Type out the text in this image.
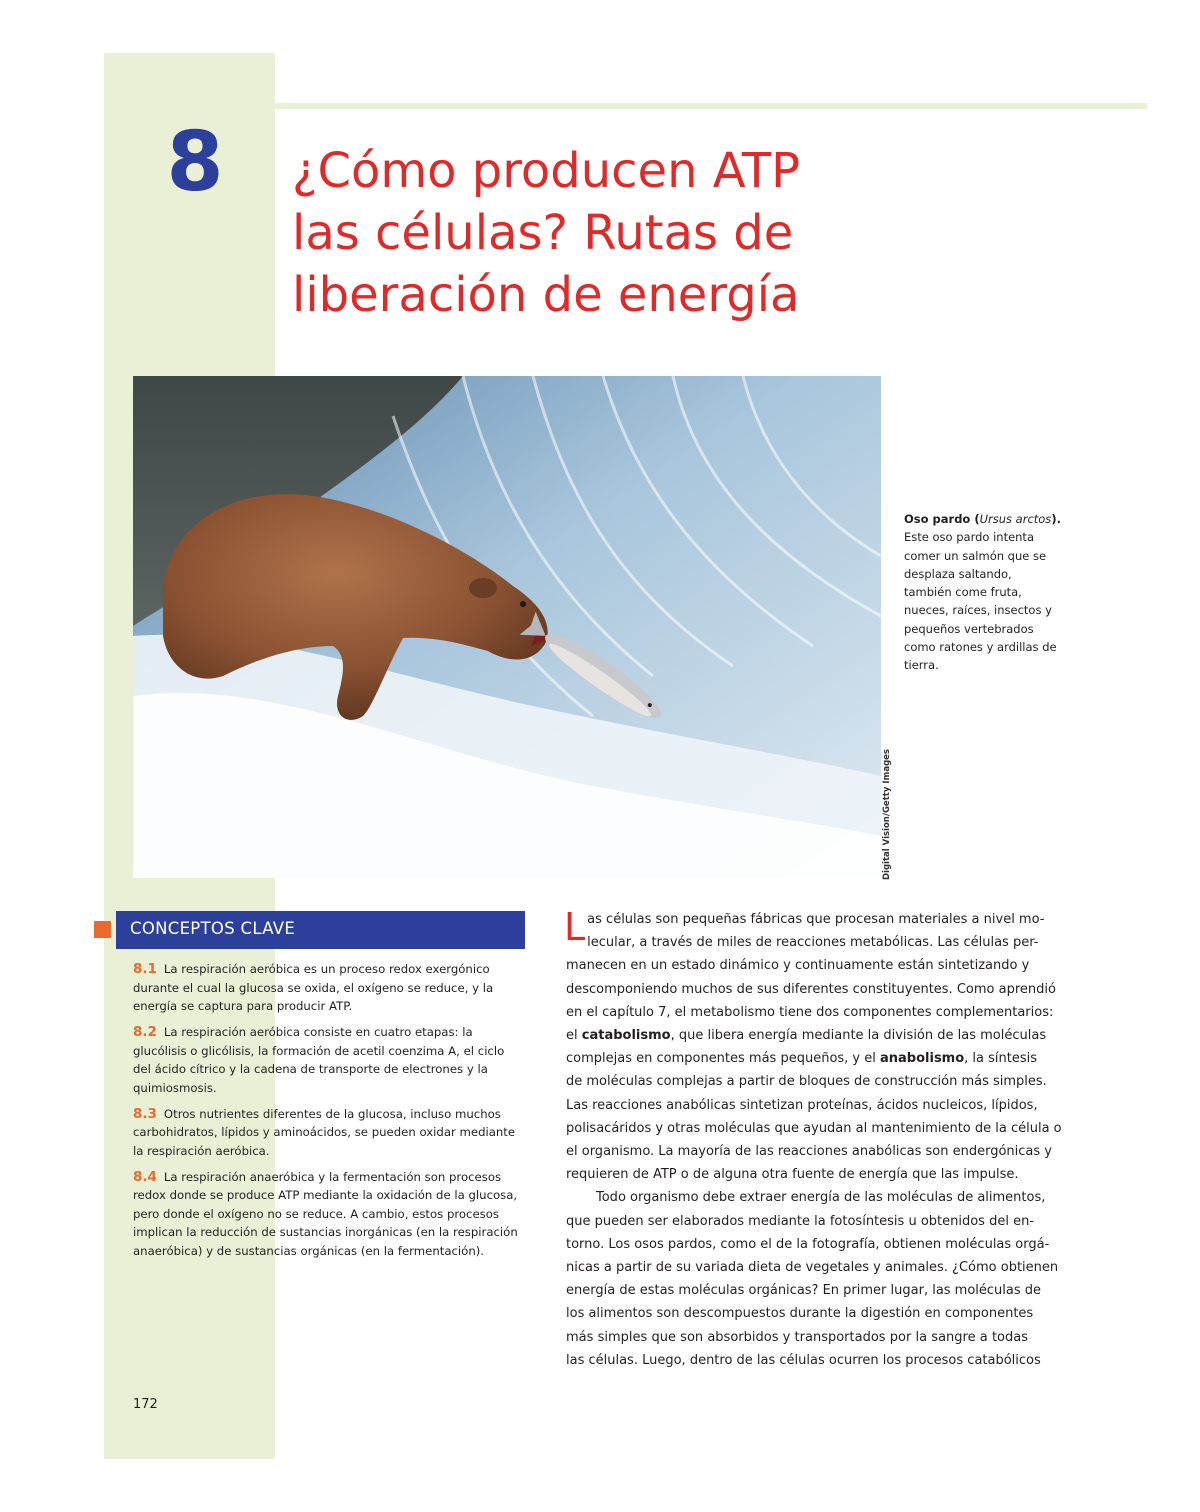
8 ¿Cómo producen ATP
las células? Rutas de
liberación de energía
Digital Vision/Getty Images
Oso pardo (Ursus arctos). Este oso pardo intenta comer un salmón que se desplaza saltando, también come fruta, nueces, raíces, insectos y pequeños vertebrados como ratones y ardillas de tierra.
CONCEPTOS CLAVE

8.1 La respiración aeróbica es un proceso redox exergónico durante el cual la glucosa se oxida, el oxígeno se reduce, y la energía se captura para producir ATP.

8.2 La respiración aeróbica consiste en cuatro etapas: la glucólisis o glicólisis, la formación de acetil coenzima A, el ciclo del ácido cítrico y la cadena de transporte de electrones y la quimiosmosis.

8.3 Otros nutrientes diferentes de la glucosa, incluso muchos carbohidratos, lípidos y aminoácidos, se pueden oxidar mediante la respiración aeróbica.

8.4 La respiración anaeróbica y la fermentación son procesos redox donde se produce ATP mediante la oxidación de la glucosa, pero donde el oxígeno no se reduce. A cambio, estos procesos implican la reducción de sustancias inorgánicas (en la respiración anaeróbica) y de sustancias orgánicas (en la fermentación).

172

L as células son pequeñas fábricas que procesan materiales a nivel mo-
lecular, a través de miles de reacciones metabólicas. Las células per-
manecen en un estado dinámico y continuamente están sintetizando y
descomponiendo muchos de sus diferentes constituyentes. Como aprendió
en el capítulo 7, el metabolismo tiene dos componentes complementarios:
el catabolismo, que libera energía mediante la división de las moléculas
complejas en componentes más pequeños, y el anabolismo, la síntesis
de moléculas complejas a partir de bloques de construcción más simples.
Las reacciones anabólicas sintetizan proteínas, ácidos nucleicos, lípidos,
polisacáridos y otras moléculas que ayudan al mantenimiento de la célula o
el organismo. La mayoría de las reacciones anabólicas son endergónicas y
requieren de ATP o de alguna otra fuente de energía que las impulse.

Todo organismo debe extraer energía de las moléculas de alimentos,
que pueden ser elaborados mediante la fotosíntesis u obtenidos del en-
torno. Los osos pardos, como el de la fotografía, obtienen moléculas orgá-
nicas a partir de su variada dieta de vegetales y animales. ¿Cómo obtienen
energía de estas moléculas orgánicas? En primer lugar, las moléculas de
los alimentos son descompuestos durante la digestión en componentes
más simples que son absorbidos y transportados por la sangre a todas
las células. Luego, dentro de las células ocurren los procesos catabólicos
